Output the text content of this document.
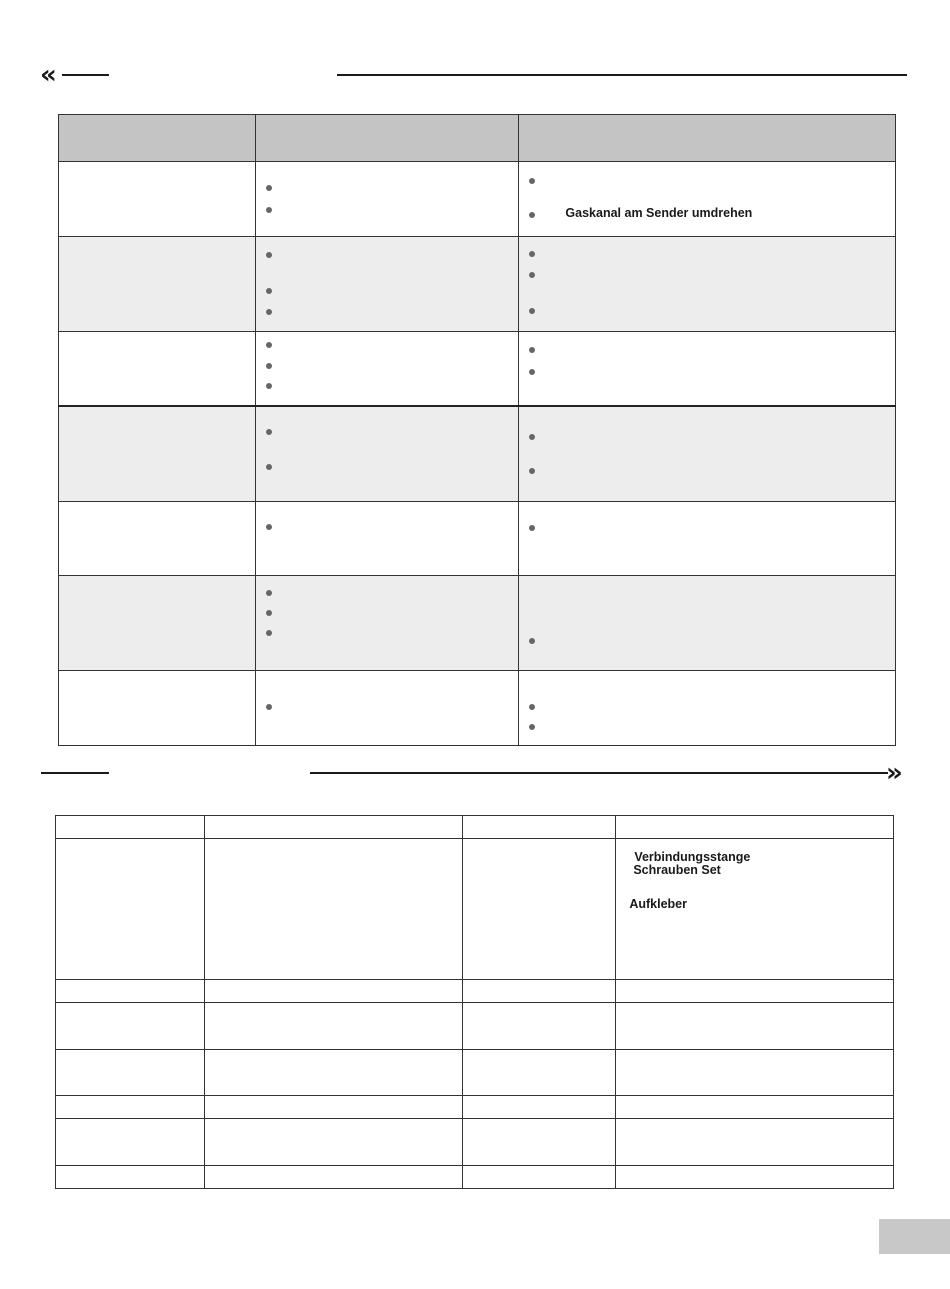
«

		Gaskanal am Sender umdrehen

»

			Verbindungsstange
Schrauben Set
Aufkleber
